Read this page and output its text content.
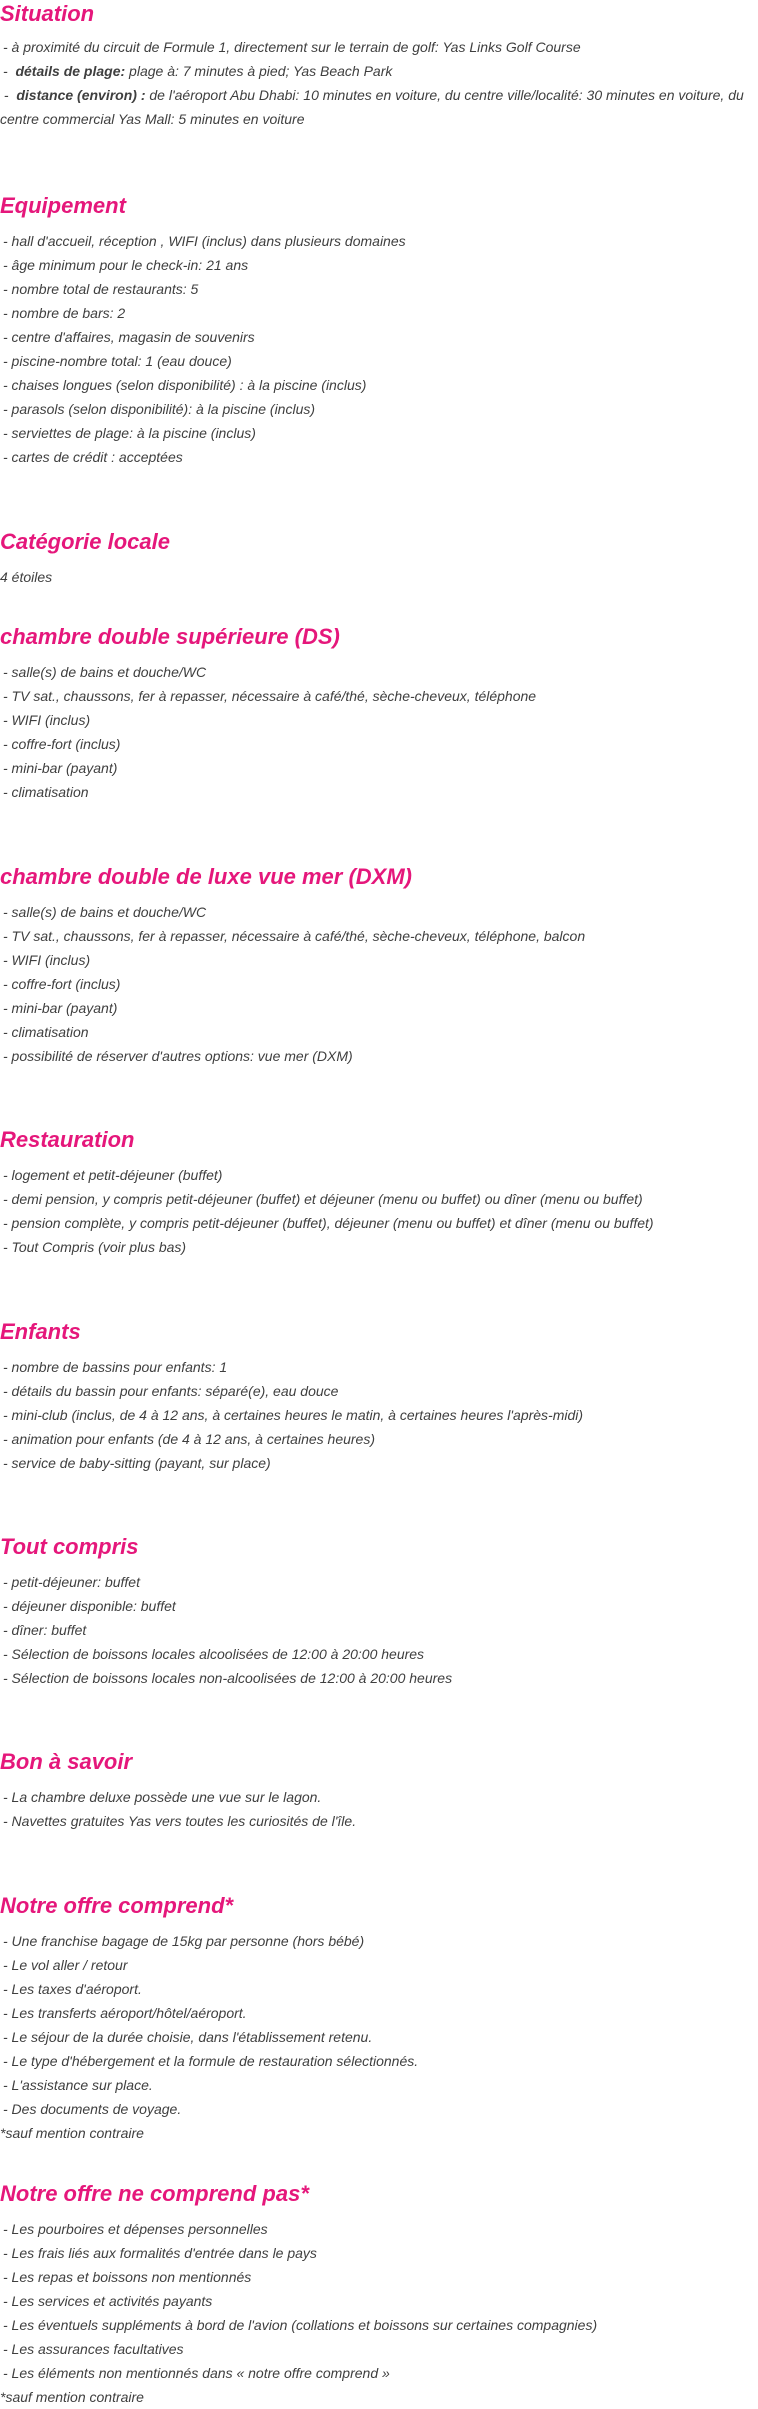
Situation
- à proximité du circuit de Formule 1, directement sur le terrain de golf: Yas Links Golf Course
-  détails de plage: plage à: 7 minutes à pied; Yas Beach Park
-  distance (environ) : de l'aéroport Abu Dhabi: 10 minutes en voiture, du centre ville/localité: 30 minutes en voiture, du centre commercial Yas Mall: 5 minutes en voiture
Equipement
- hall d'accueil, réception , WIFI (inclus) dans plusieurs domaines
- âge minimum pour le check-in: 21 ans
- nombre total de restaurants: 5
- nombre de bars: 2
- centre d'affaires, magasin de souvenirs
- piscine-nombre total: 1 (eau douce)
- chaises longues (selon disponibilité) : à la piscine (inclus)
- parasols (selon disponibilité): à la piscine (inclus)
- serviettes de plage: à la piscine (inclus)
- cartes de crédit : acceptées
Catégorie locale
4 étoiles
chambre double supérieure (DS)
- salle(s) de bains et douche/WC
- TV sat., chaussons, fer à repasser, nécessaire à café/thé, sèche-cheveux, téléphone
- WIFI (inclus)
- coffre-fort (inclus)
- mini-bar (payant)
- climatisation
chambre double de luxe vue mer (DXM)
- salle(s) de bains et douche/WC
- TV sat., chaussons, fer à repasser, nécessaire à café/thé, sèche-cheveux, téléphone, balcon
- WIFI (inclus)
- coffre-fort (inclus)
- mini-bar (payant)
- climatisation
- possibilité de réserver d'autres options: vue mer (DXM)
Restauration
- logement et petit-déjeuner (buffet)
- demi pension, y compris petit-déjeuner (buffet) et déjeuner (menu ou buffet) ou dîner (menu ou buffet)
- pension complète, y compris petit-déjeuner (buffet), déjeuner (menu ou buffet) et dîner (menu ou buffet)
- Tout Compris (voir plus bas)
Enfants
- nombre de bassins pour enfants: 1
- détails du bassin pour enfants: séparé(e), eau douce
- mini-club (inclus, de 4 à 12 ans, à certaines heures le matin, à certaines heures l'après-midi)
- animation pour enfants (de 4 à 12 ans, à certaines heures)
- service de baby-sitting (payant, sur place)
Tout compris
- petit-déjeuner: buffet
- déjeuner disponible: buffet
- dîner: buffet
- Sélection de boissons locales alcoolisées de 12:00 à 20:00 heures
- Sélection de boissons locales non-alcoolisées de 12:00 à 20:00 heures
Bon à savoir
- La chambre deluxe possède une vue sur le lagon.
- Navettes gratuites Yas vers toutes les curiosités de l'île.
Notre offre comprend*
- Une franchise bagage de 15kg par personne (hors bébé)
- Le vol aller / retour
- Les taxes d'aéroport.
- Les transferts aéroport/hôtel/aéroport.
- Le séjour de la durée choisie, dans l'établissement retenu.
- Le type d'hébergement et la formule de restauration sélectionnés.
- L'assistance sur place.
- Des documents de voyage.
*sauf mention contraire
Notre offre ne comprend pas*
- Les pourboires et dépenses personnelles
- Les frais liés aux formalités d'entrée dans le pays
- Les repas et boissons non mentionnés
- Les services et activités payants
- Les éventuels suppléments à bord de l'avion (collations et boissons sur certaines compagnies)
- Les assurances facultatives
- Les éléments non mentionnés dans « notre offre comprend »
*sauf mention contraire
